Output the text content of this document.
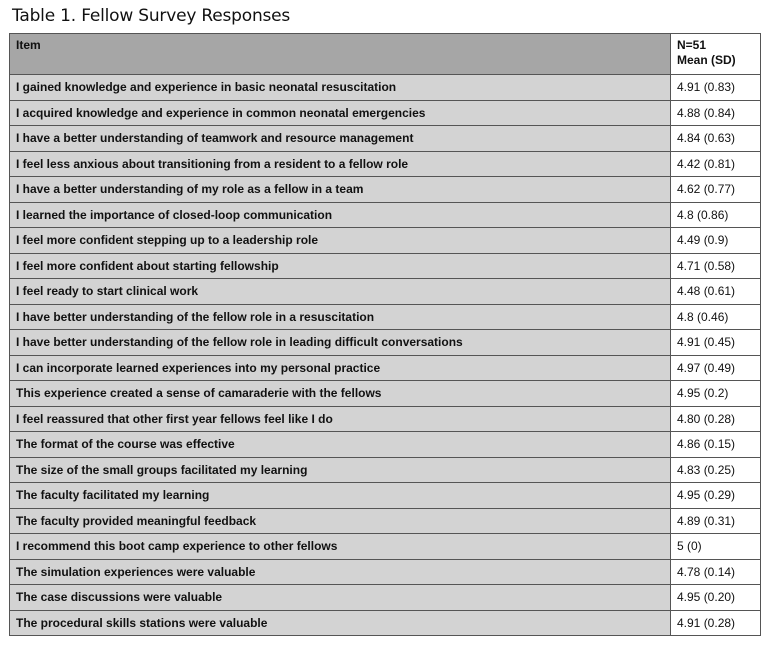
Table 1. Fellow Survey Responses
Item	N=51
Mean (SD)

I gained knowledge and experience in basic neonatal resuscitation	4.91 (0.83)
I acquired knowledge and experience in common neonatal emergencies	4.88 (0.84)
I have a better understanding of teamwork and resource management	4.84 (0.63)
I feel less anxious about transitioning from a resident to a fellow role	4.42 (0.81)
I have a better understanding of my role as a fellow in a team	4.62 (0.77)
I learned the importance of closed-loop communication	4.8 (0.86)
I feel more confident stepping up to a leadership role	4.49 (0.9)
I feel more confident about starting fellowship	4.71 (0.58)
I feel ready to start clinical work	4.48 (0.61)
I have better understanding of the fellow role in a resuscitation	4.8 (0.46)
I have better understanding of the fellow role in leading difficult conversations	4.91 (0.45)
I can incorporate learned experiences into my personal practice	4.97 (0.49)
This experience created a sense of camaraderie with the fellows	4.95 (0.2)
I feel reassured that other first year fellows feel like I do	4.80 (0.28)
The format of the course was effective	4.86 (0.15)
The size of the small groups facilitated my learning	4.83 (0.25)
The faculty facilitated my learning	4.95 (0.29)
The faculty provided meaningful feedback	4.89 (0.31)
I recommend this boot camp experience to other fellows	5 (0)
The simulation experiences were valuable	4.78 (0.14)
The case discussions were valuable	4.95 (0.20)
The procedural skills stations were valuable	4.91 (0.28)
